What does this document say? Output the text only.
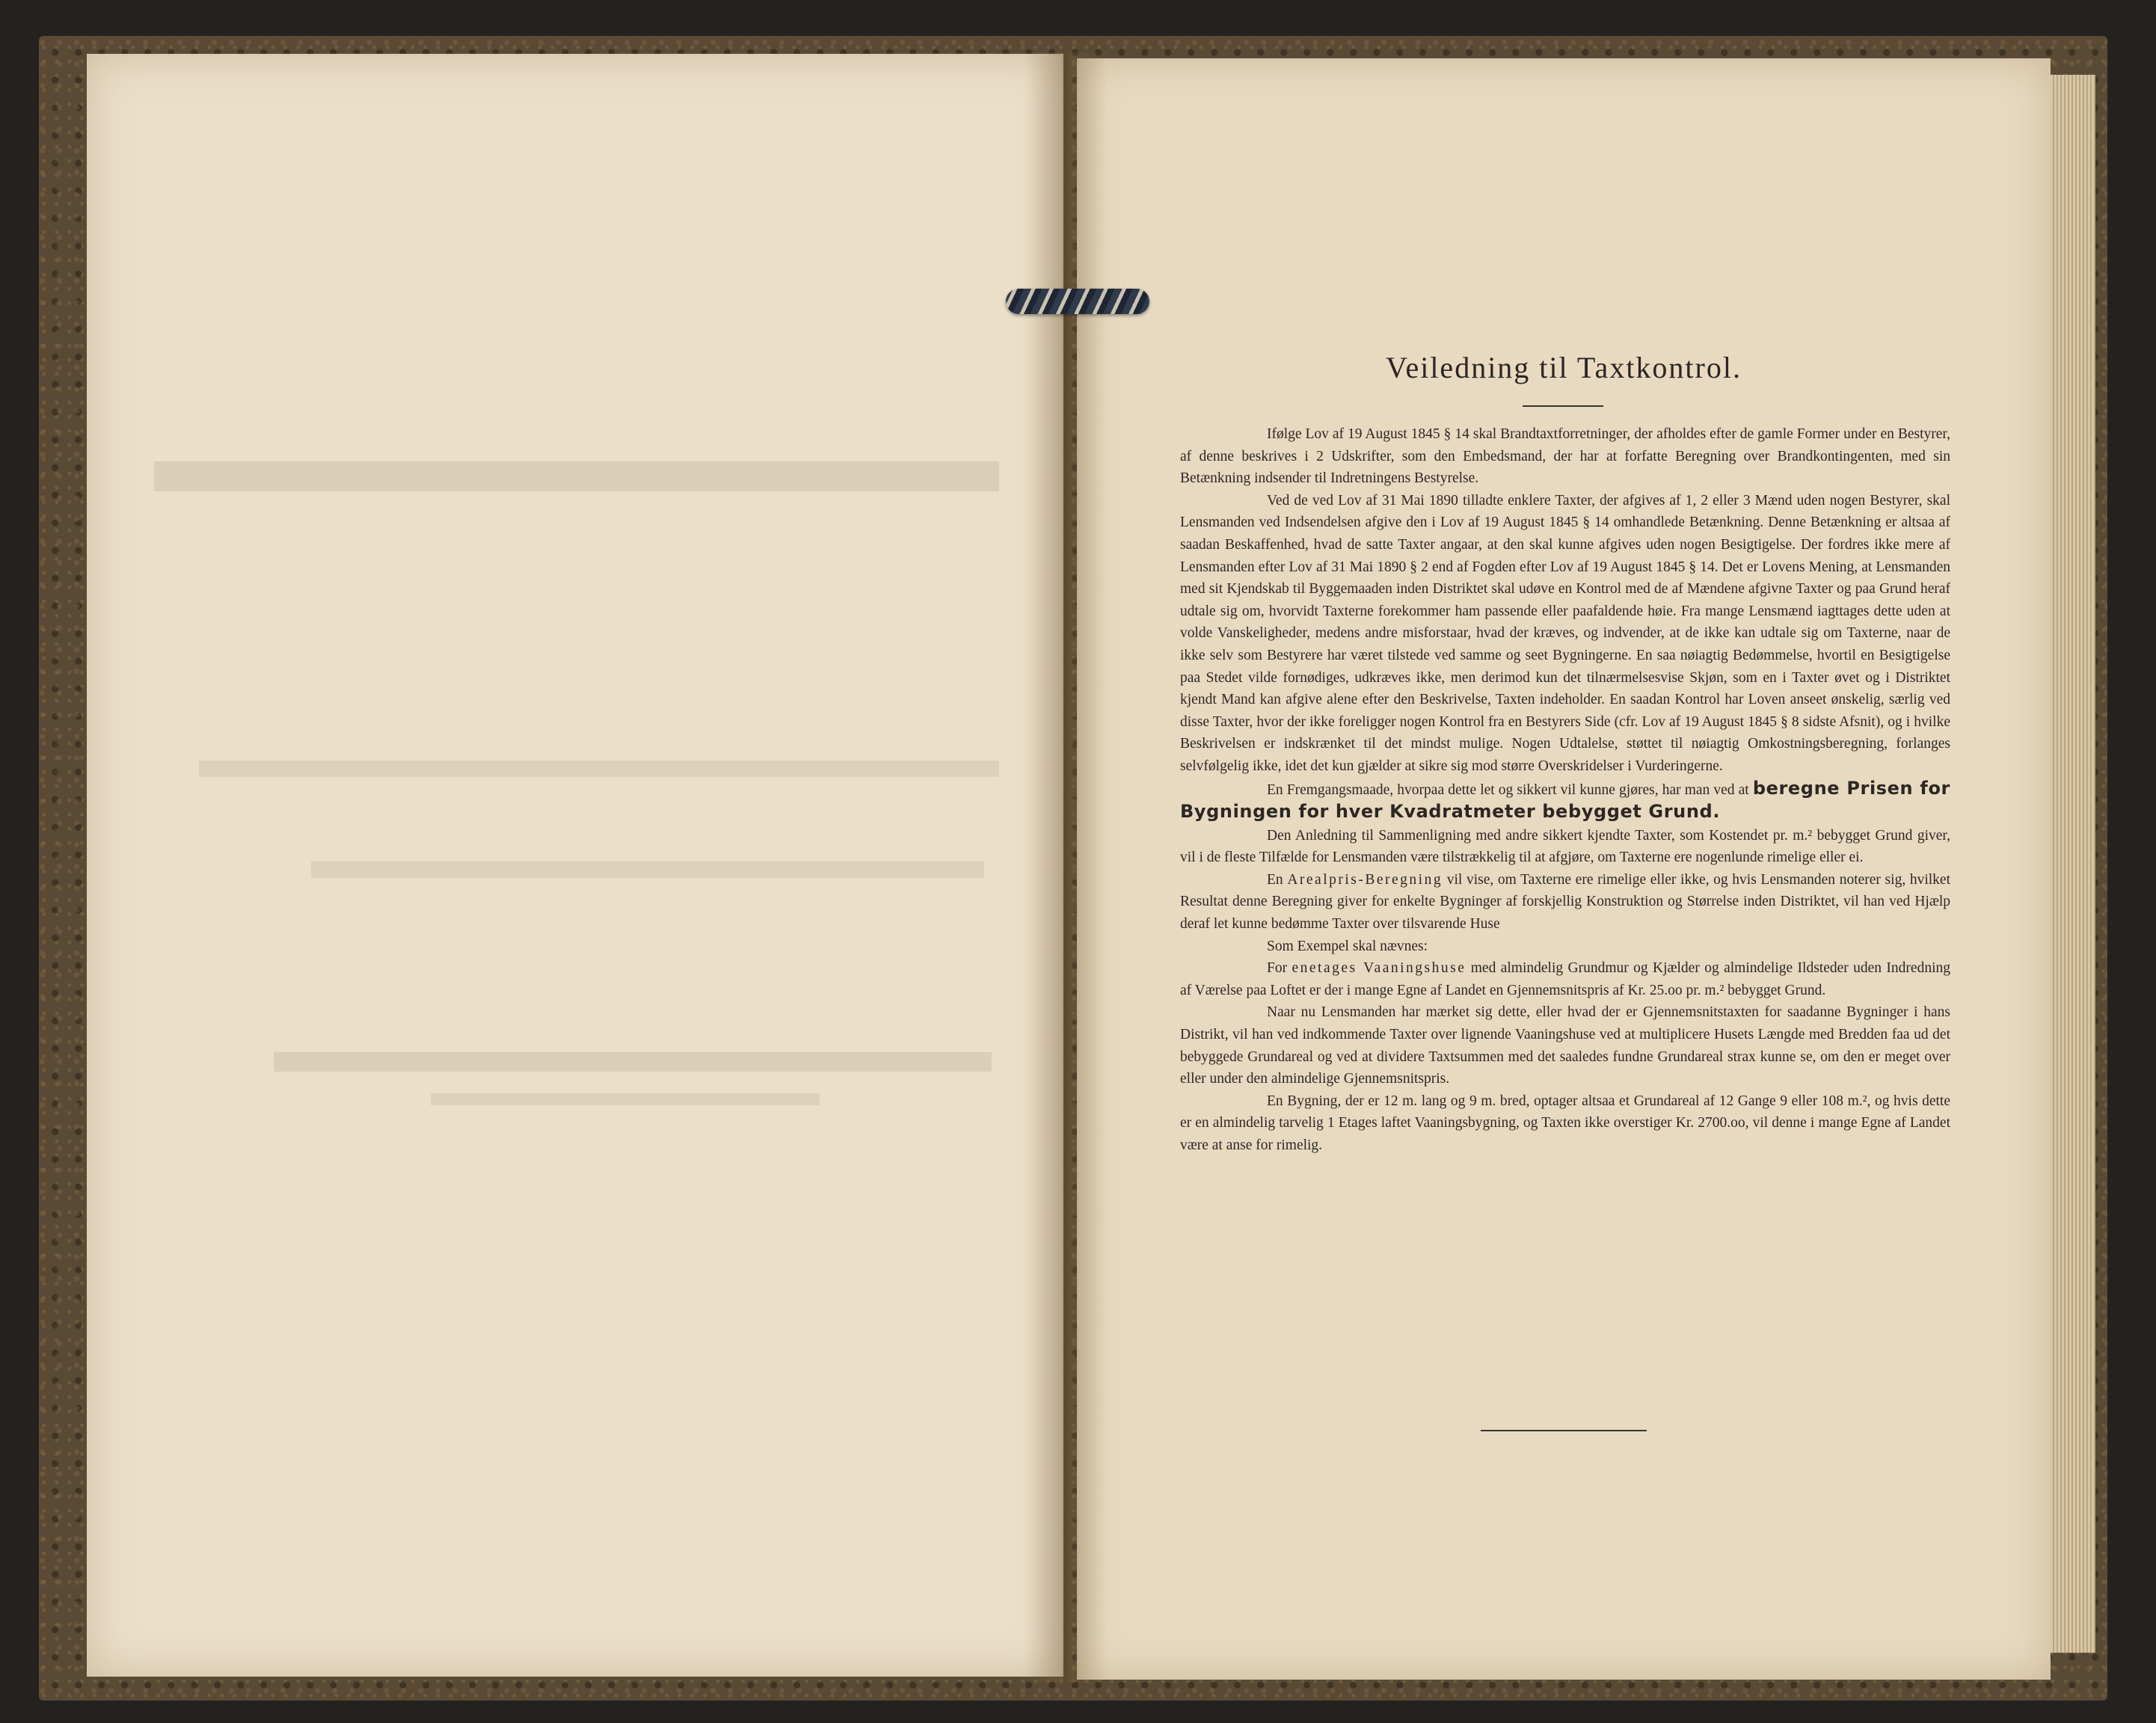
Veiledning til Taxtkontrol.

Ifølge Lov af 19 August 1845 § 14 skal Brandtaxtforretninger, der afholdes efter de gamle Former under en Bestyrer, af denne beskrives i 2 Udskrifter, som den Embedsmand, der har at forfatte Beregning over Brandkontingenten, med sin Betænkning indsender til Indretningens Bestyrelse.

Ved de ved Lov af 31 Mai 1890 tilladte enklere Taxter, der afgives af 1, 2 eller 3 Mænd uden nogen Bestyrer, skal Lensmanden ved Indsendelsen afgive den i Lov af 19 August 1845 § 14 omhandlede Betænkning. Denne Betænkning er altsaa af saadan Beskaffenhed, hvad de satte Taxter angaar, at den skal kunne afgives uden nogen Besigtigelse. Der fordres ikke mere af Lensmanden efter Lov af 31 Mai 1890 § 2 end af Fogden efter Lov af 19 August 1845 § 14. Det er Lovens Mening, at Lensmanden med sit Kjendskab til Byggemaaden inden Distriktet skal udøve en Kontrol med de af Mændene afgivne Taxter og paa Grund heraf udtale sig om, hvorvidt Taxterne forekommer ham passende eller paafaldende høie. Fra mange Lensmænd iagttages dette uden at volde Vanskeligheder, medens andre misforstaar, hvad der kræves, og indvender, at de ikke kan udtale sig om Taxterne, naar de ikke selv som Bestyrere har været tilstede ved samme og seet Bygningerne. En saa nøiagtig Bedømmelse, hvortil en Besigtigelse paa Stedet vilde fornødiges, udkræves ikke, men derimod kun det tilnærmelsesvise Skjøn, som en i Taxter øvet og i Distriktet kjendt Mand kan afgive alene efter den Beskrivelse, Taxten indeholder. En saadan Kontrol har Loven anseet ønskelig, særlig ved disse Taxter, hvor der ikke foreligger nogen Kontrol fra en Bestyrers Side (cfr. Lov af 19 August 1845 § 8 sidste Afsnit), og i hvilke Beskrivelsen er indskrænket til det mindst mulige. Nogen Udtalelse, støttet til nøiagtig Omkostningsberegning, forlanges selvfølgelig ikke, idet det kun gjælder at sikre sig mod større Overskridelser i Vurderingerne.

En Fremgangsmaade, hvorpaa dette let og sikkert vil kunne gjøres, har man ved at beregne Prisen for Bygningen for hver Kvadratmeter bebygget Grund.

Den Anledning til Sammenligning med andre sikkert kjendte Taxter, som Kostendet pr. m.² bebygget Grund giver, vil i de fleste Tilfælde for Lensmanden være tilstrækkelig til at afgjøre, om Taxterne ere nogenlunde rimelige eller ei.

En Arealpris-Beregning vil vise, om Taxterne ere rimelige eller ikke, og hvis Lensmanden noterer sig, hvilket Resultat denne Beregning giver for enkelte Bygninger af forskjellig Konstruktion og Størrelse inden Distriktet, vil han ved Hjælp deraf let kunne bedømme Taxter over tilsvarende Huse

Som Exempel skal nævnes:

For enetages Vaaningshuse med almindelig Grundmur og Kjælder og almindelige Ildsteder uden Indredning af Værelse paa Loftet er der i mange Egne af Landet en Gjennemsnitspris af Kr. 25.oo pr. m.² bebygget Grund.

Naar nu Lensmanden har mærket sig dette, eller hvad der er Gjennemsnitstaxten for saadanne Bygninger i hans Distrikt, vil han ved indkommende Taxter over lignende Vaaningshuse ved at multiplicere Husets Længde med Bredden faa ud det bebyggede Grundareal og ved at dividere Taxtsummen med det saaledes fundne Grundareal strax kunne se, om den er meget over eller under den almindelige Gjennemsnitspris.

En Bygning, der er 12 m. lang og 9 m. bred, optager altsaa et Grundareal af 12 Gange 9 eller 108 m.², og hvis dette er en almindelig tarvelig 1 Etages laftet Vaaningsbygning, og Taxten ikke overstiger Kr. 2700.oo, vil denne i mange Egne af Landet være at anse for rimelig.
